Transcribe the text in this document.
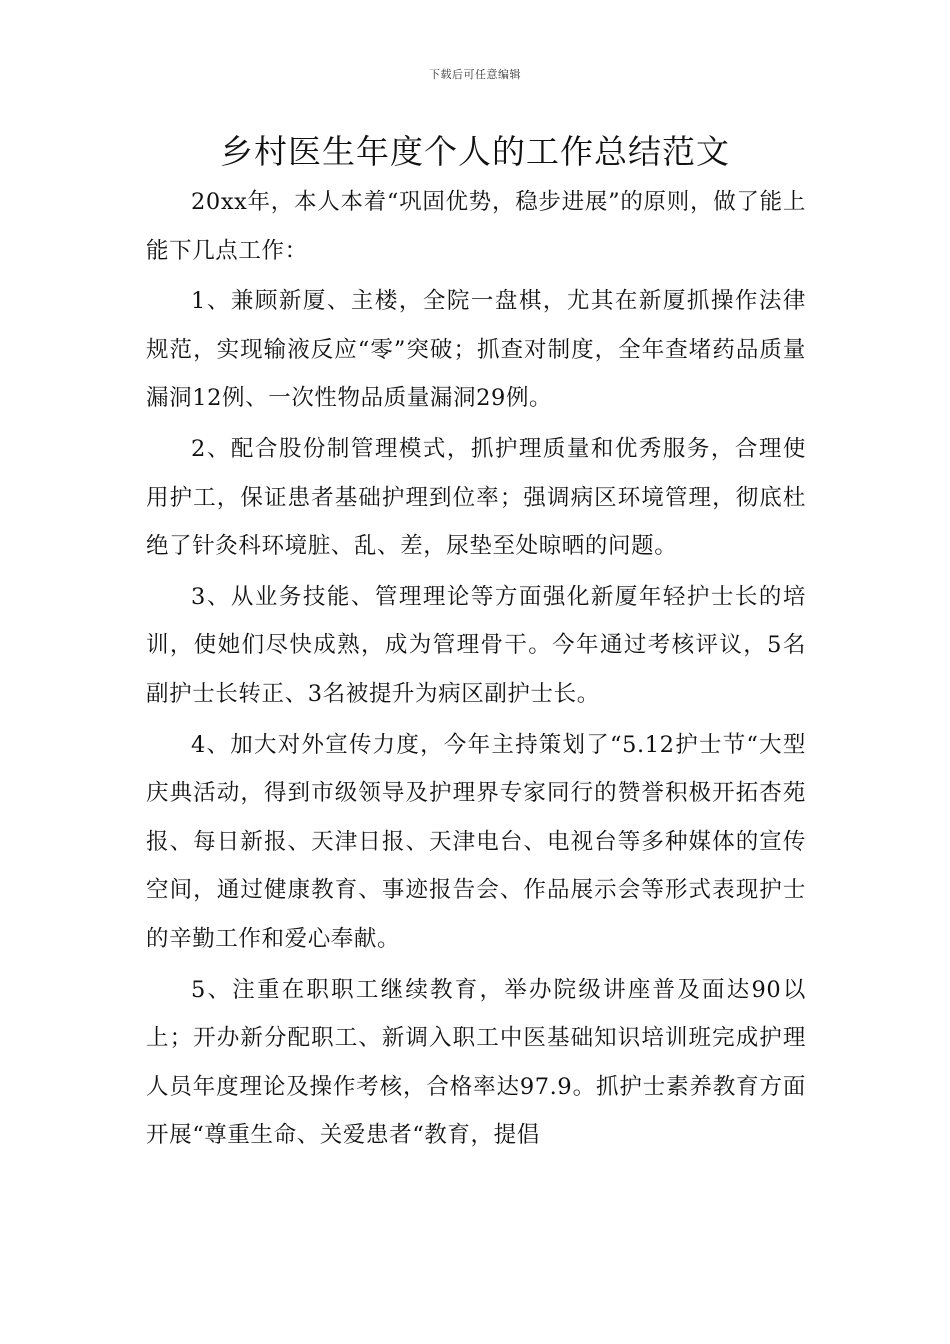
下载后可任意编辑
乡村医生年度个人的工作总结范文

20xx年，本人本着“巩固优势，稳步进展”的原则，做了能上能下几点工作：

1、兼顾新厦、主楼，全院一盘棋，尤其在新厦抓操作法律规范，实现输液反应“零”突破；抓查对制度，全年查堵药品质量漏洞12例、一次性物品质量漏洞29例。

2、配合股份制管理模式，抓护理质量和优秀服务，合理使用护工，保证患者基础护理到位率；强调病区环境管理，彻底杜绝了针灸科环境脏、乱、差，尿垫至处晾晒的问题。

3、从业务技能、管理理论等方面强化新厦年轻护士长的培训，使她们尽快成熟，成为管理骨干。今年通过考核评议，5名副护士长转正、3名被提升为病区副护士长。

4、加大对外宣传力度，今年主持策划了“5.12护士节“大型庆典活动，得到市级领导及护理界专家同行的赞誉积极开拓杏苑报、每日新报、天津日报、天津电台、电视台等多种媒体的宣传空间，通过健康教育、事迹报告会、作品展示会等形式表现护士的辛勤工作和爱心奉献。

5、注重在职职工继续教育，举办院级讲座普及面达90以上；开办新分配职工、新调入职工中医基础知识培训班完成护理人员年度理论及操作考核，合格率达97.9。抓护士素养教育方面开展“尊重生命、关爱患者“教育，提倡
